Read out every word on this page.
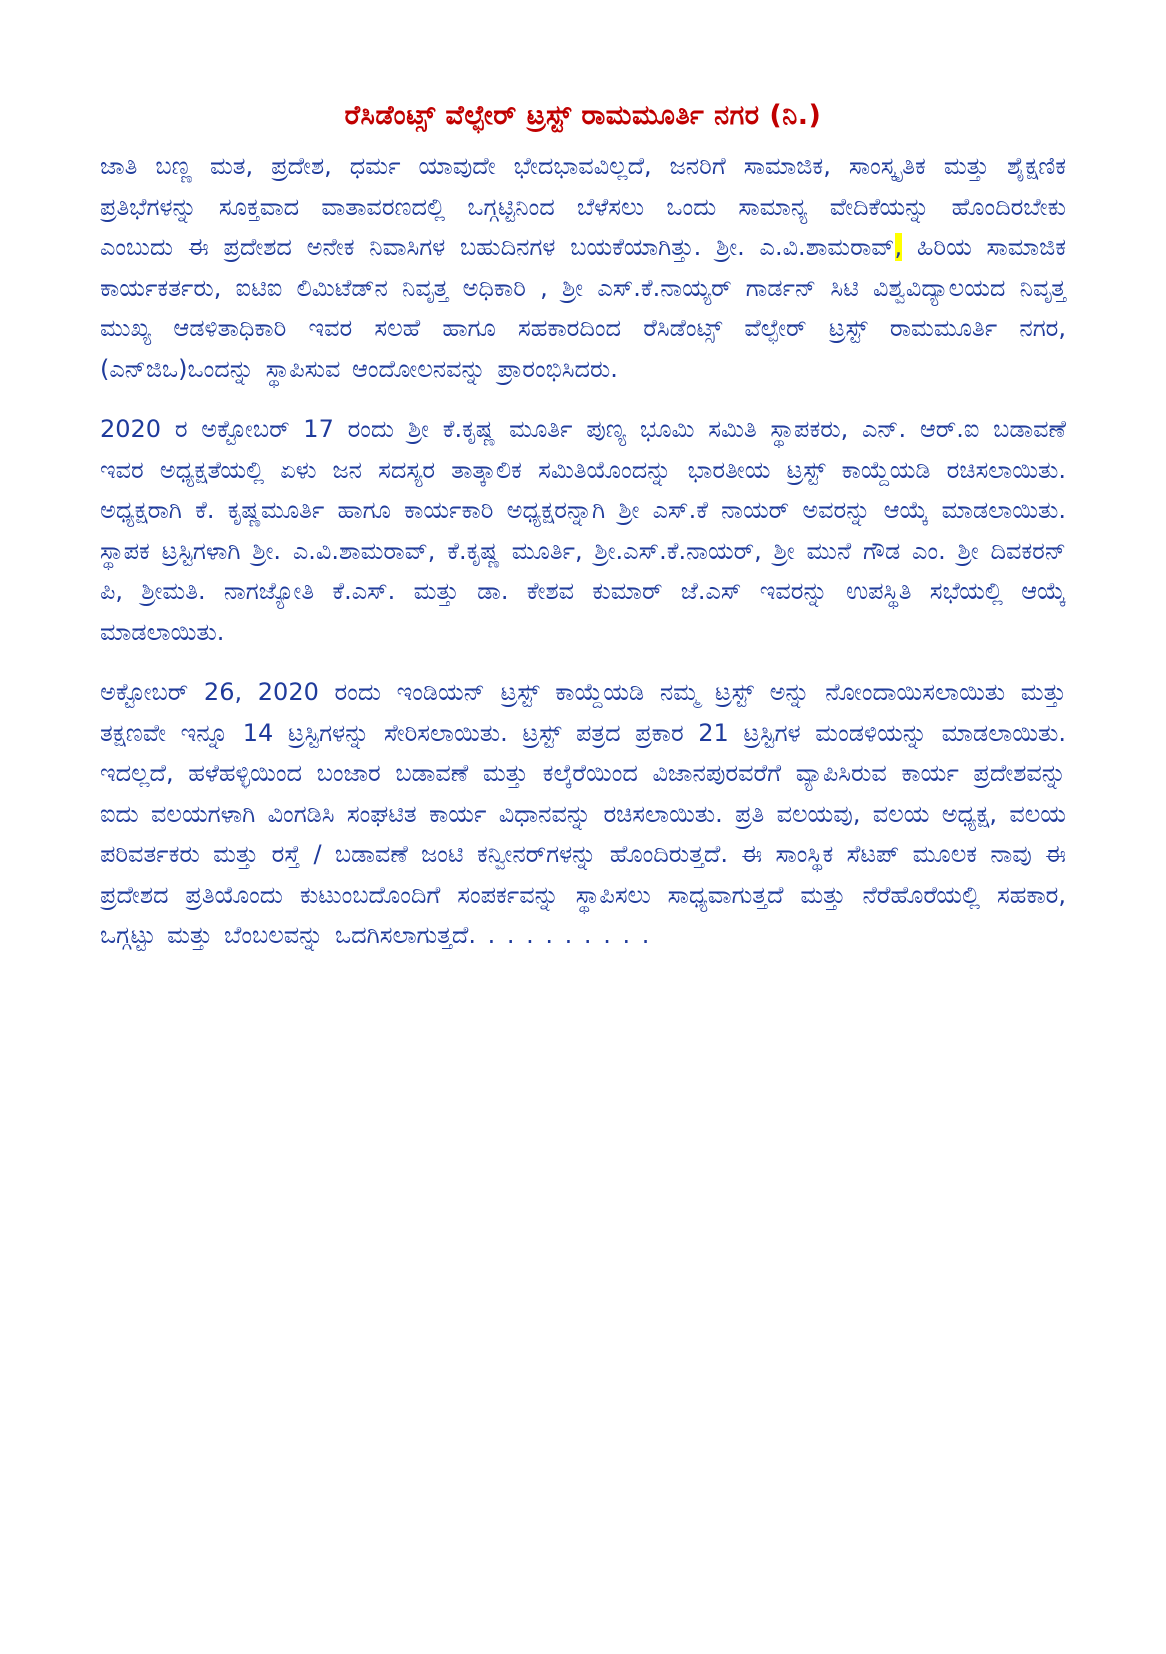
ರೆಸಿಡೆಂಟ್ಸ್ ವೆಲ್ಫೇರ್ ಟ್ರಸ್ಟ್ ರಾಮಮೂರ್ತಿ ನಗರ (ನಿ.)

ಜಾತಿ ಬಣ್ಣ ಮತ, ಪ್ರದೇಶ, ಧರ್ಮ ಯಾವುದೇ ಭೇದಭಾವವಿಲ್ಲದೆ, ಜನರಿಗೆ ಸಾಮಾಜಿಕ, ಸಾಂಸ್ಕೃತಿಕ ಮತ್ತು ಶೈಕ್ಷಣಿಕ ಪ್ರತಿಭೆಗಳನ್ನು ಸೂಕ್ತವಾದ ವಾತಾವರಣದಲ್ಲಿ ಒಗ್ಗಟ್ಟಿನಿಂದ ಬೆಳೆಸಲು ಒಂದು ಸಾಮಾನ್ಯ ವೇದಿಕೆಯನ್ನು ಹೊಂದಿರಬೇಕು ಎಂಬುದು ಈ ಪ್ರದೇಶದ ಅನೇಕ ನಿವಾಸಿಗಳ ಬಹುದಿನಗಳ ಬಯಕೆಯಾಗಿತ್ತು. ಶ್ರೀ. ಎ.ವಿ.ಶಾಮರಾವ್, ಹಿರಿಯ ಸಾಮಾಜಿಕ ಕಾರ್ಯಕರ್ತರು, ಐಟಿಐ ಲಿಮಿಟೆಡ್‌ನ ನಿವೃತ್ತ ಅಧಿಕಾರಿ , ಶ್ರೀ ಎಸ್.ಕೆ.ನಾಯ್ಯರ್ ಗಾರ್ಡನ್ ಸಿಟಿ ವಿಶ್ವವಿದ್ಯಾಲಯದ ನಿವೃತ್ತ ಮುಖ್ಯ ಆಡಳಿತಾಧಿಕಾರಿ ಇವರ ಸಲಹೆ ಹಾಗೂ ಸಹಕಾರದಿಂದ ರೆಸಿಡೆಂಟ್ಸ್ ವೆಲ್ಫೇರ್ ಟ್ರಸ್ಟ್ ರಾಮಮೂರ್ತಿ ನಗರ, (ಎನ್‌ಜಿಒ)ಒಂದನ್ನು ಸ್ಥಾಪಿಸುವ ಆಂದೋಲನವನ್ನು ಪ್ರಾರಂಭಿಸಿದರು.

2020 ರ ಅಕ್ಟೋಬರ್ 17 ರಂದು ಶ್ರೀ ಕೆ.ಕೃಷ್ಣ ಮೂರ್ತಿ ಪುಣ್ಯ ಭೂಮಿ ಸಮಿತಿ ಸ್ಥಾಪಕರು, ಎನ್. ಆರ್.ಐ ಬಡಾವಣೆ ಇವರ ಅಧ್ಯಕ್ಷತೆಯಲ್ಲಿ ಏಳು ಜನ ಸದಸ್ಯರ ತಾತ್ಕಾಲಿಕ ಸಮಿತಿಯೊಂದನ್ನು ಭಾರತೀಯ ಟ್ರಸ್ಟ್ ಕಾಯ್ದೆಯಡಿ ರಚಿಸಲಾಯಿತು. ಅಧ್ಯಕ್ಷರಾಗಿ ಕೆ. ಕೃಷ್ಣಮೂರ್ತಿ ಹಾಗೂ ಕಾರ್ಯಕಾರಿ ಅಧ್ಯಕ್ಷರನ್ನಾಗಿ ಶ್ರೀ ಎಸ್.ಕೆ ನಾಯರ್ ಅವರನ್ನು ಆಯ್ಕೆ ಮಾಡಲಾಯಿತು. ಸ್ಥಾಪಕ ಟ್ರಸ್ಟಿಗಳಾಗಿ ಶ್ರೀ. ಎ.ವಿ.ಶಾಮರಾವ್, ಕೆ.ಕೃಷ್ಣ ಮೂರ್ತಿ, ಶ್ರೀ.ಎಸ್.ಕೆ.ನಾಯರ್, ಶ್ರೀ ಮುನೆ ಗೌಡ ಎಂ. ಶ್ರೀ ದಿವಕರನ್ ಪಿ, ಶ್ರೀಮತಿ. ನಾಗಜ್ಯೋತಿ ಕೆ.ಎಸ್. ಮತ್ತು ಡಾ. ಕೇಶವ ಕುಮಾರ್ ಜೆ.ಎಸ್ ಇವರನ್ನು ಉಪಸ್ಥಿತಿ ಸಭೆಯಲ್ಲಿ ಆಯ್ಕೆ ಮಾಡಲಾಯಿತು.

ಅಕ್ಟೋಬರ್ 26, 2020 ರಂದು ಇಂಡಿಯನ್ ಟ್ರಸ್ಟ್ ಕಾಯ್ದೆಯಡಿ ನಮ್ಮ ಟ್ರಸ್ಟ್ ಅನ್ನು ನೋಂದಾಯಿಸಲಾಯಿತು ಮತ್ತು ತಕ್ಷಣವೇ ಇನ್ನೂ 14 ಟ್ರಸ್ಟಿಗಳನ್ನು ಸೇರಿಸಲಾಯಿತು. ಟ್ರಸ್ಟ್ ಪತ್ರದ ಪ್ರಕಾರ 21 ಟ್ರಸ್ಟಿಗಳ ಮಂಡಳಿಯನ್ನು ಮಾಡಲಾಯಿತು. ಇದಲ್ಲದೆ, ಹಳೆಹಳ್ಳಿಯಿಂದ ಬಂಜಾರ ಬಡಾವಣೆ ಮತ್ತು ಕಲ್ಕೆರೆಯಿಂದ ವಿಜಾನಪುರವರೆಗೆ ವ್ಯಾಪಿಸಿರುವ ಕಾರ್ಯ ಪ್ರದೇಶವನ್ನು ಐದು ವಲಯಗಳಾಗಿ ವಿಂಗಡಿಸಿ ಸಂಘಟಿತ ಕಾರ್ಯ ವಿಧಾನವನ್ನು ರಚಿಸಲಾಯಿತು. ಪ್ರತಿ ವಲಯವು, ವಲಯ ಅಧ್ಯಕ್ಷ, ವಲಯ ಪರಿವರ್ತಕರು ಮತ್ತು ರಸ್ತೆ / ಬಡಾವಣೆ ಜಂಟಿ ಕನ್ವೀನರ್‌ಗಳನ್ನು ಹೊಂದಿರುತ್ತದೆ. ಈ ಸಾಂಸ್ಥಿಕ ಸೆಟಪ್ ಮೂಲಕ ನಾವು ಈ ಪ್ರದೇಶದ ಪ್ರತಿಯೊಂದು ಕುಟುಂಬದೊಂದಿಗೆ ಸಂಪರ್ಕವನ್ನು ಸ್ಥಾಪಿಸಲು ಸಾಧ್ಯವಾಗುತ್ತದೆ ಮತ್ತು ನೆರೆಹೊರೆಯಲ್ಲಿ ಸಹಕಾರ, ಒಗ್ಗಟ್ಟು ಮತ್ತು ಬೆಂಬಲವನ್ನು ಒದಗಿಸಲಾಗುತ್ತದೆ. . . . . . . . . .
